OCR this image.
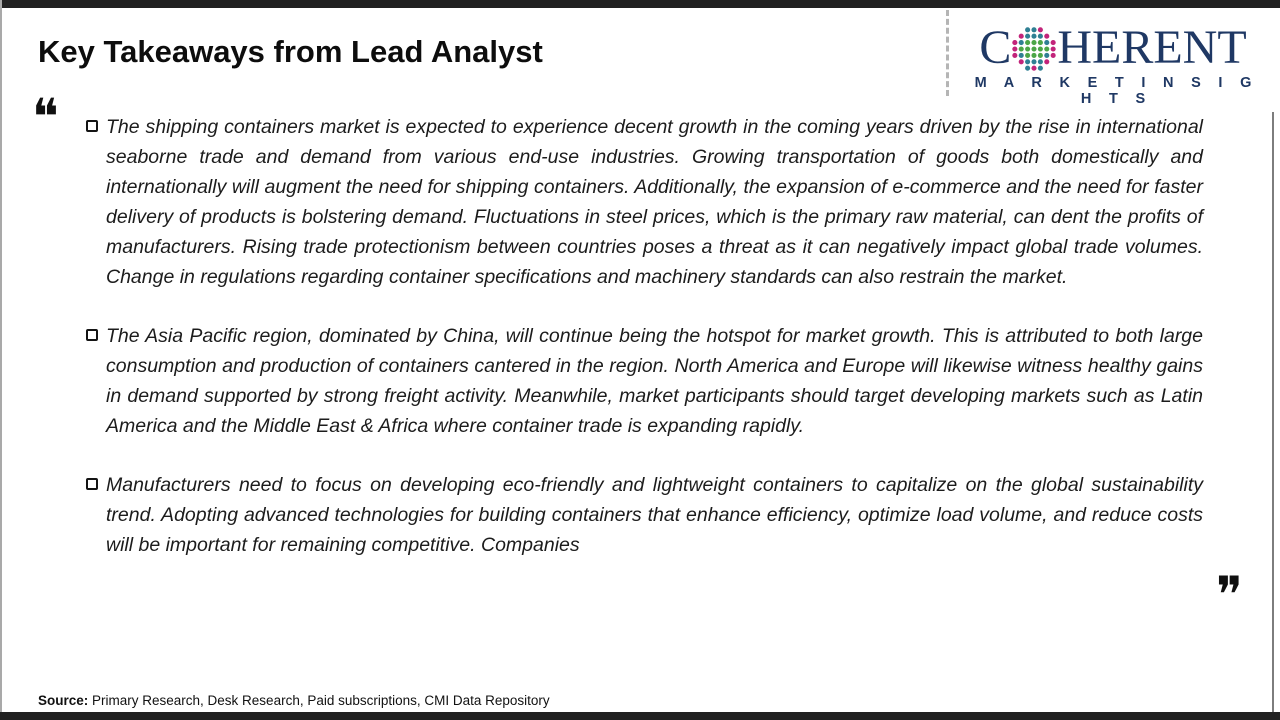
Key Takeaways from Lead Analyst	C HERENT
M A R K E T I N S I G H T S
❝ The shipping containers market is expected to experience decent growth in the coming years driven by the rise in international seaborne trade and demand from various end-use industries. Growing transportation of goods both domestically and internationally will augment the need for shipping containers. Additionally, the expansion of e-commerce and the need for faster delivery of products is bolstering demand. Fluctuations in steel prices, which is the primary raw material, can dent the profits of manufacturers. Rising trade protectionism between countries poses a threat as it can negatively impact global trade volumes. Change in regulations regarding container specifications and machinery standards can also restrain the market.
The Asia Pacific region, dominated by China, will continue being the hotspot for market growth. This is attributed to both large consumption and production of containers cantered in the region. North America and Europe will likewise witness healthy gains in demand supported by strong freight activity. Meanwhile, market participants should target developing markets such as Latin America and the Middle East & Africa where container trade is expanding rapidly.
Manufacturers need to focus on developing eco-friendly and lightweight containers to capitalize on the global sustainability trend. Adopting advanced technologies for building containers that enhance efficiency, optimize load volume, and reduce costs will be important for remaining competitive. Companies
❞
Source: Primary Research, Desk Research, Paid subscriptions, CMI Data Repository
